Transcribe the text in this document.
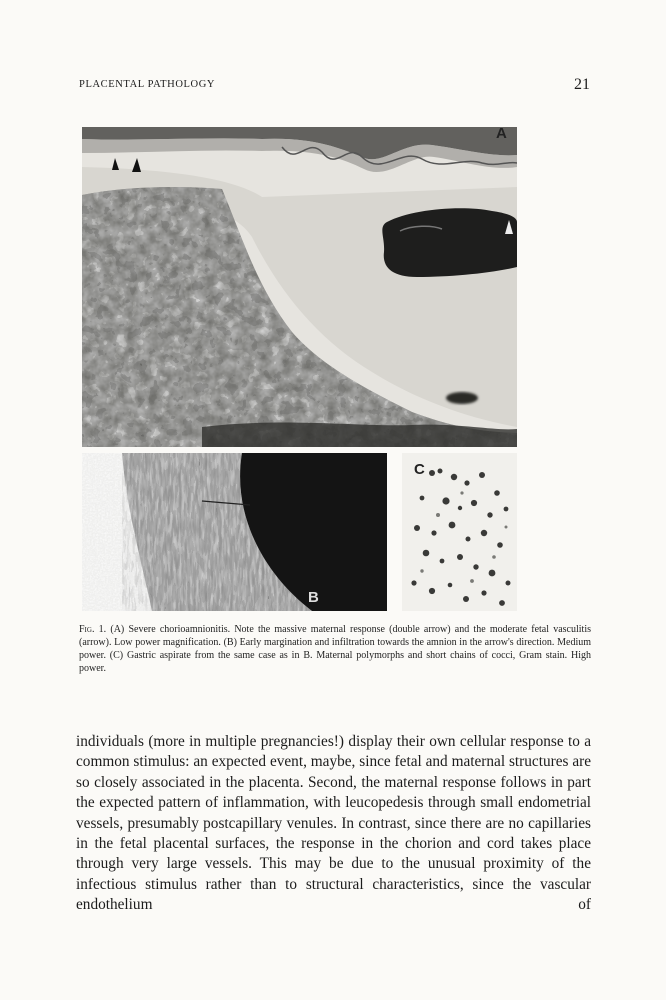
PLACENTAL PATHOLOGY	21
A
B
C
Fig. 1. (A) Severe chorioamnionitis. Note the massive maternal response (double arrow) and the moderate fetal vasculitis (arrow). Low power magnification. (B) Early margination and infiltration towards the amnion in the arrow's direction. Medium power. (C) Gastric aspirate from the same case as in B. Maternal polymorphs and short chains of cocci, Gram stain. High power.
individuals (more in multiple pregnancies!) display their own cellular response to a common stimulus: an expected event, maybe, since fetal and maternal structures are so closely associated in the placenta. Second, the maternal response follows in part the expected pattern of inflammation, with leucopedesis through small endometrial vessels, presumably postcapillary venules. In contrast, since there are no capillaries in the fetal placental surfaces, the response in the chorion and cord takes place through very large vessels. This may be due to the unusual proximity of the infectious stimulus rather than to structural characteristics, since the vascular endothelium of
